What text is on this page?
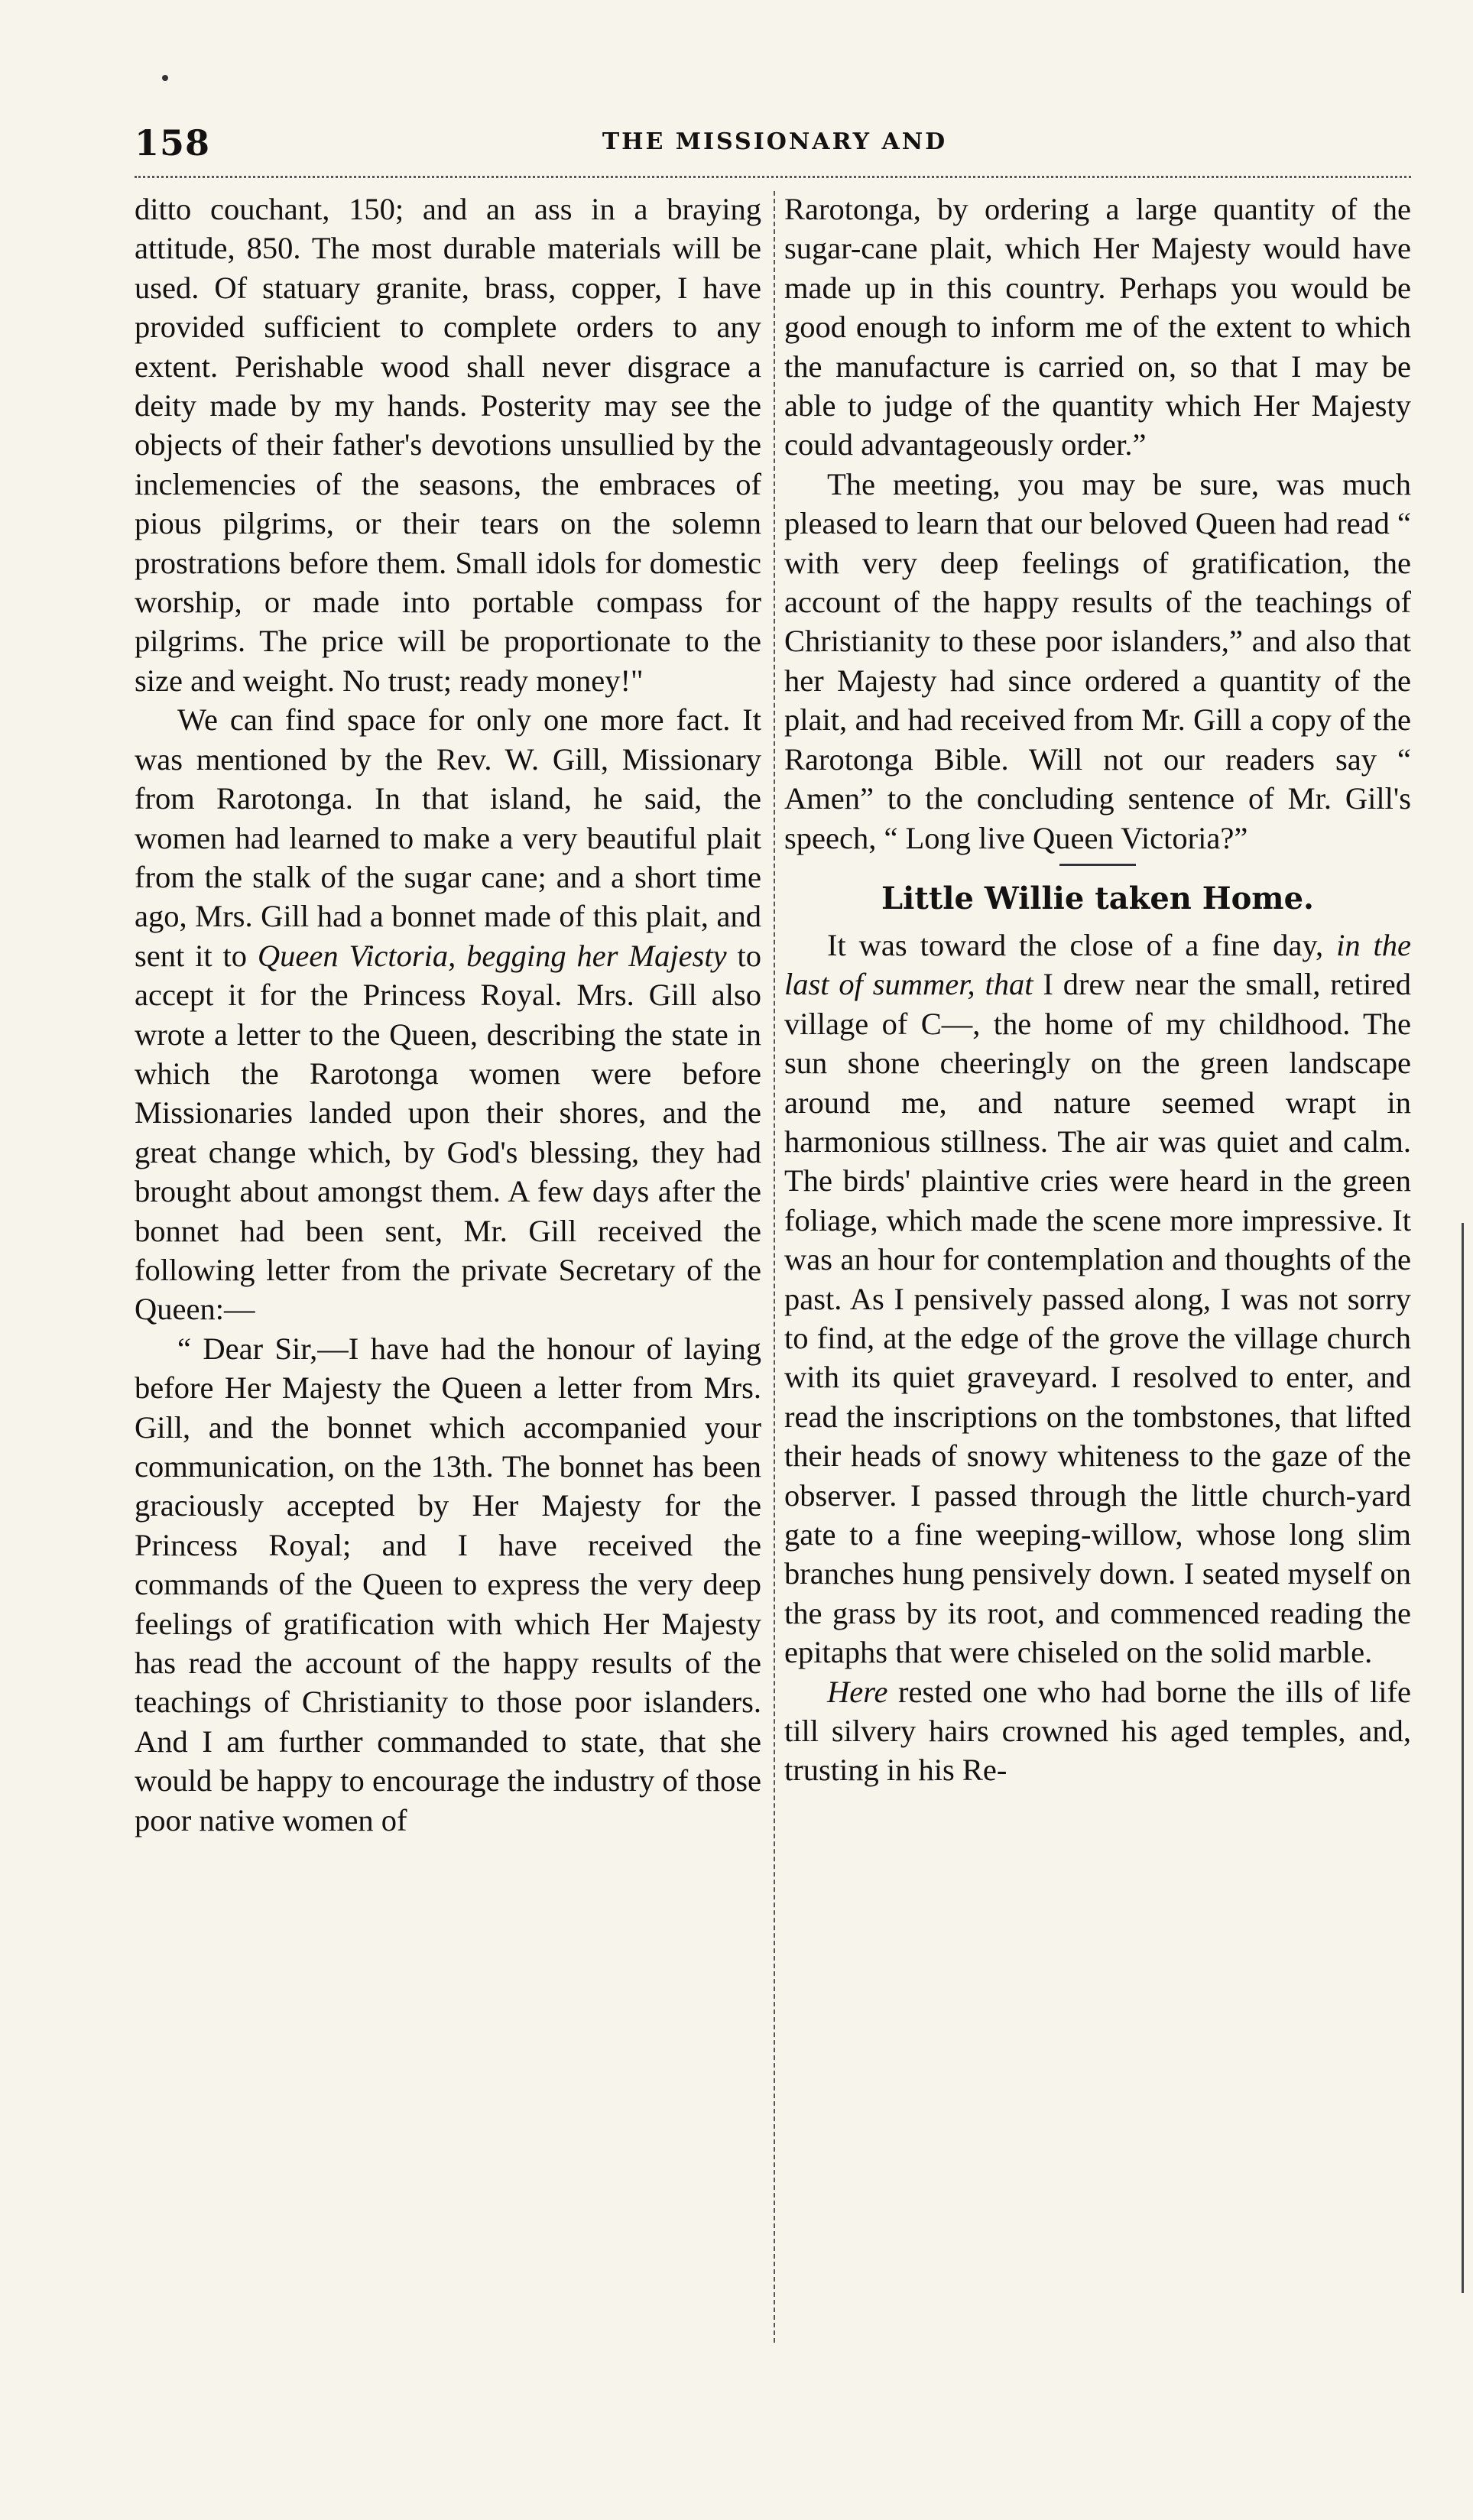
158	THE MISSIONARY AND

ditto couchant, 150; and an ass in a braying attitude, 850. The most durable materials will be used. Of statuary granite, brass, copper, I have provided sufficient to complete orders to any extent. Perishable wood shall never disgrace a deity made by my hands. Posterity may see the objects of their father's devotions unsullied by the inclemencies of the seasons, the embraces of pious pilgrims, or their tears on the solemn prostrations before them. Small idols for domestic worship, or made into portable compass for pilgrims. The price will be proportionate to the size and weight. No trust; ready money!"

We can find space for only one more fact. It was mentioned by the Rev. W. Gill, Missionary from Rarotonga. In that island, he said, the women had learned to make a very beautiful plait from the stalk of the sugar cane; and a short time ago, Mrs. Gill had a bonnet made of this plait, and sent it to Queen Victoria, begging her Majesty to accept it for the Princess Royal. Mrs. Gill also wrote a letter to the Queen, describing the state in which the Rarotonga women were before Missionaries landed upon their shores, and the great change which, by God's blessing, they had brought about amongst them. A few days after the bonnet had been sent, Mr. Gill received the following letter from the private Secretary of the Queen:—

“ Dear Sir,—I have had the honour of laying before Her Majesty the Queen a letter from Mrs. Gill, and the bonnet which accompanied your communication, on the 13th. The bonnet has been graciously accepted by Her Majesty for the Princess Royal; and I have received the commands of the Queen to express the very deep feelings of gratification with which Her Majesty has read the account of the happy results of the teachings of Christianity to those poor islanders. And I am further commanded to state, that she would be happy to encourage the industry of those poor native women of

Rarotonga, by ordering a large quantity of the sugar-cane plait, which Her Majesty would have made up in this country. Perhaps you would be good enough to inform me of the extent to which the manufacture is carried on, so that I may be able to judge of the quantity which Her Majesty could advantageously order.”

The meeting, you may be sure, was much pleased to learn that our beloved Queen had read “ with very deep feelings of gratification, the account of the happy results of the teachings of Christianity to these poor islanders,” and also that her Majesty had since ordered a quantity of the plait, and had received from Mr. Gill a copy of the Rarotonga Bible. Will not our readers say “ Amen” to the concluding sentence of Mr. Gill's speech, “ Long live Queen Victoria?”

Little Willie taken Home.

It was toward the close of a fine day, in the last of summer, that I drew near the small, retired village of C—, the home of my childhood. The sun shone cheeringly on the green landscape around me, and nature seemed wrapt in harmonious stillness. The air was quiet and calm. The birds' plaintive cries were heard in the green foliage, which made the scene more impressive. It was an hour for contemplation and thoughts of the past. As I pensively passed along, I was not sorry to find, at the edge of the grove the village church with its quiet graveyard. I resolved to enter, and read the inscriptions on the tombstones, that lifted their heads of snowy whiteness to the gaze of the observer. I passed through the little church-yard gate to a fine weeping-willow, whose long slim branches hung pensively down. I seated myself on the grass by its root, and commenced reading the epitaphs that were chiseled on the solid marble.

Here rested one who had borne the ills of life till silvery hairs crowned his aged temples, and, trusting in his Re-
